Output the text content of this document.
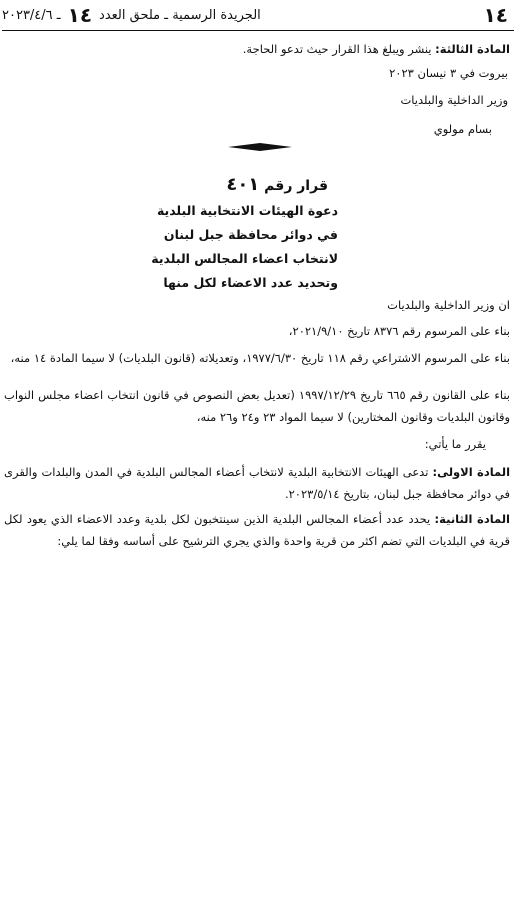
١٤
الجريدة الرسمية ـ ملحق العدد
١٤
ـ ٢٠٢٣/٤/٦
المادة الثالثة: ينشر ويبلغ هذا القرار حيث تدعو الحاجة.
بيروت في ٣ نيسان ٢٠٢٣
وزير الداخلية والبلديات
بسام مولوي
قرار رقم ٤٠١
دعوة الهيئات الانتخابية البلدية
في دوائر محافظة جبل لبنان
لانتخاب اعضاء المجالس البلدية
وتحديد عدد الاعضاء لكل منها
ان وزير الداخلية والبلديات
بناء على المرسوم رقم ٨٣٧٦ تاريخ ٢٠٢١/٩/١٠،
بناء على المرسوم الاشتراعي رقم ١١٨ تاريخ ١٩٧٧/٦/٣٠، وتعديلاته (قانون البلديات) لا سيما المادة ١٤ منه،
بناء على القانون رقم ٦٦٥ تاريخ ١٩٩٧/١٢/٢٩ (تعديل بعض النصوص في قانون انتخاب اعضاء مجلس النواب وقانون البلديات وقانون المختارين) لا سيما المواد ٢٣ و٢٤ و٢٦ منه،
يقرر ما يأتي:
المادة الاولى: تدعى الهيئات الانتخابية البلدية لانتخاب أعضاء المجالس البلدية في المدن والبلدات والقرى في دوائر محافظة جبل لبنان، بتاريخ ٢٠٢٣/٥/١٤.
المادة الثانية: يحدد عدد أعضاء المجالس البلدية الذين سينتخبون لكل بلدية وعدد الاعضاء الذي يعود لكل قرية في البلديات التي تضم اكثر من قرية واحدة والذي يجري الترشيح على أساسه وفقا لما يلي:
